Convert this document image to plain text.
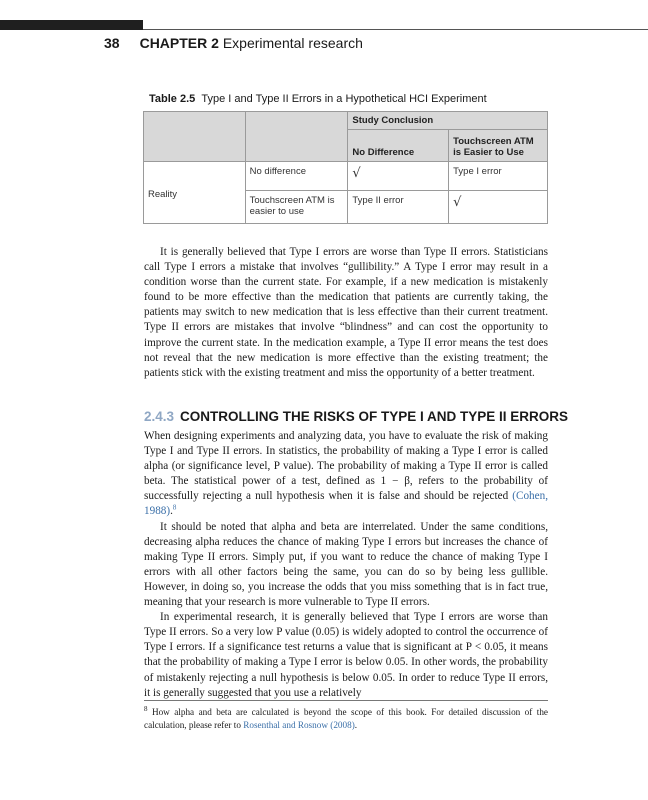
38 CHAPTER 2 Experimental research
Table 2.5 Type I and Type II Errors in a Hypothetical HCI Experiment
		Study Conclusion	
		No Difference	Touchscreen ATM is Easier to Use
Reality	No difference	√	Type I error
	Touchscreen ATM is easier to use	Type II error	√

It is generally believed that Type I errors are worse than Type II errors. Statisticians call Type I errors a mistake that involves “gullibility.” A Type I error may result in a condition worse than the current state. For example, if a new medication is mistakenly found to be more effective than the medication that patients are currently taking, the patients may switch to new medication that is less effective than their current treatment. Type II errors are mistakes that involve “blindness” and can cost the opportunity to improve the current state. In the medication example, a Type II error means the test does not reveal that the new medication is more effective than the existing treatment; the patients stick with the existing treatment and miss the opportunity of a better treatment.

2.4.3 CONTROLLING THE RISKS OF TYPE I AND TYPE II ERRORS

When designing experiments and analyzing data, you have to evaluate the risk of making Type I and Type II errors. In statistics, the probability of making a Type I error is called alpha (or significance level, P value). The probability of making a Type II error is called beta. The statistical power of a test, defined as 1 − β, refers to the probability of successfully rejecting a null hypothesis when it is false and should be rejected (Cohen, 1988).$^8$

It should be noted that alpha and beta are interrelated. Under the same conditions, decreasing alpha reduces the chance of making Type I errors but increases the chance of making Type II errors. Simply put, if you want to reduce the chance of making Type I errors with all other factors being the same, you can do so by being less gullible. However, in doing so, you increase the odds that you miss something that is in fact true, meaning that your research is more vulnerable to Type II errors.

In experimental research, it is generally believed that Type I errors are worse than Type II errors. So a very low P value (0.05) is widely adopted to control the occurrence of Type I errors. If a significance test returns a value that is significant at P < 0.05, it means that the probability of making a Type I error is below 0.05. In other words, the probability of mistakenly rejecting a null hypothesis is below 0.05. In order to reduce Type II errors, it is generally suggested that you use a relatively

$^8$ How alpha and beta are calculated is beyond the scope of this book. For detailed discussion of the calculation, please refer to Rosenthal and Rosnow (2008).
